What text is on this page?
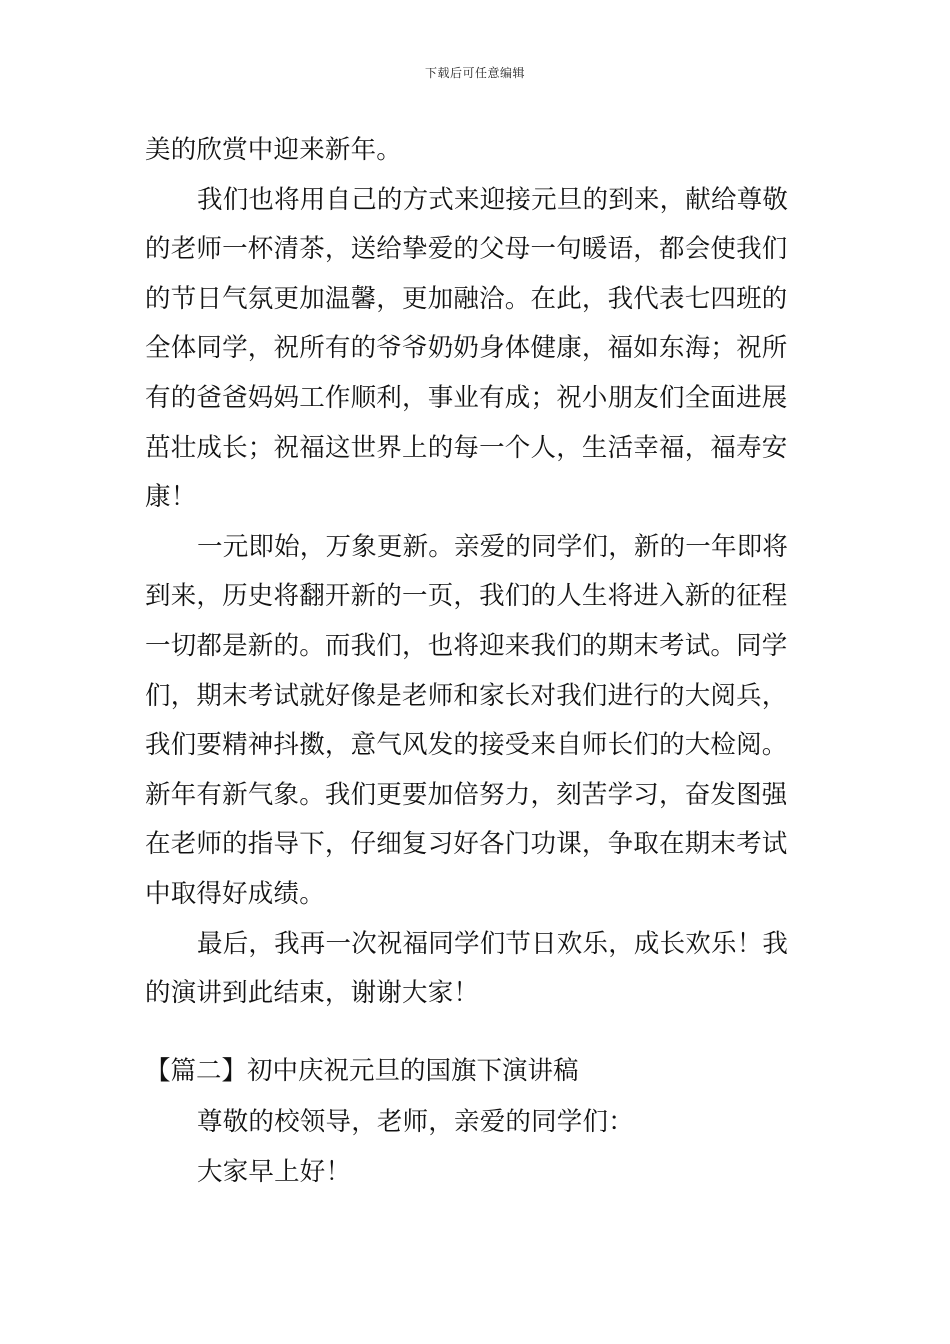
下载后可任意编辑
美的欣赏中迎来新年。
我们也将用自己的方式来迎接元旦的到来，献给尊敬
的老师一杯清茶，送给挚爱的父母一句暖语，都会使我们
的节日气氛更加温馨，更加融洽。在此，我代表七四班的
全体同学，祝所有的爷爷奶奶身体健康，福如东海；祝所
有的爸爸妈妈工作顺利，事业有成；祝小朋友们全面进展
茁壮成长；祝福这世界上的每一个人，生活幸福，福寿安
康！
一元即始，万象更新。亲爱的同学们，新的一年即将
到来，历史将翻开新的一页，我们的人生将进入新的征程
一切都是新的。而我们，也将迎来我们的期末考试。同学
们，期末考试就好像是老师和家长对我们进行的大阅兵，
我们要精神抖擞，意气风发的接受来自师长们的大检阅。
新年有新气象。我们更要加倍努力，刻苦学习，奋发图强
在老师的指导下，仔细复习好各门功课，争取在期末考试
中取得好成绩。
最后，我再一次祝福同学们节日欢乐，成长欢乐！我
的演讲到此结束，谢谢大家！
【篇二】初中庆祝元旦的国旗下演讲稿
尊敬的校领导，老师，亲爱的同学们：
大家早上好！
